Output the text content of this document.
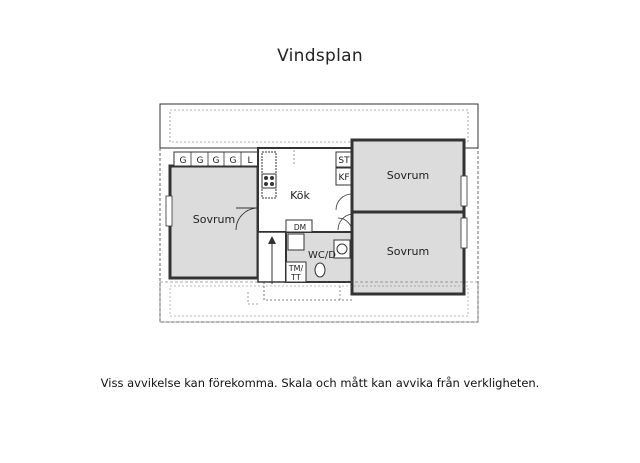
Vindsplan
G G G G L	ST
KF
DM
TM/
TT
Sovrum
Kök
Sovrum
Sovrum
WC/D
Viss avvikelse kan förekomma. Skala och mått kan avvika från verkligheten.
